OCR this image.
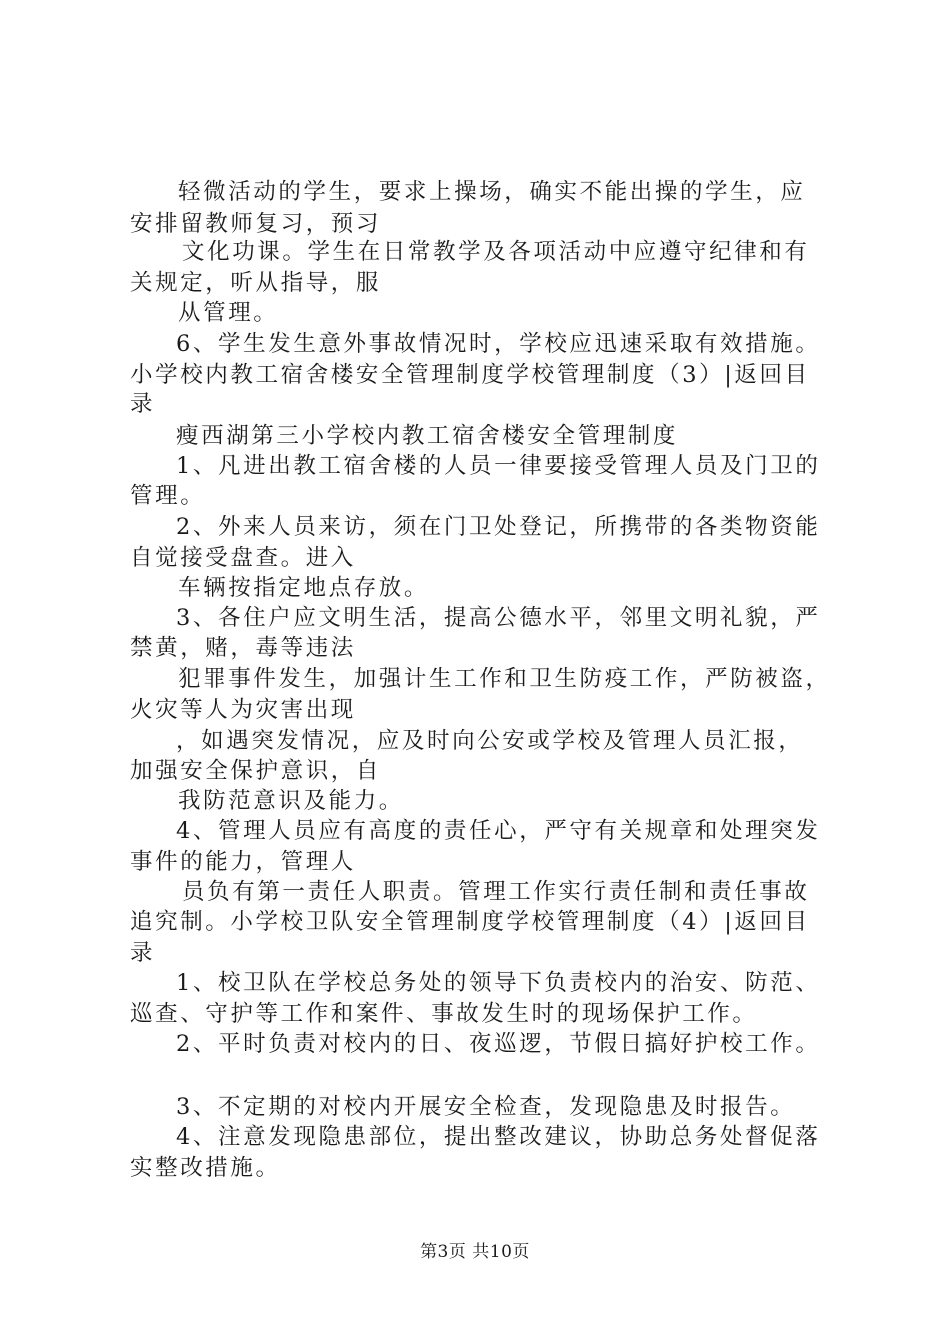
轻微活动的学生，要求上操场，确实不能出操的学生，应
安排留教师复习，预习
文化功课。学生在日常教学及各项活动中应遵守纪律和有
关规定，听从指导，服
从管理。
6、学生发生意外事故情况时，学校应迅速采取有效措施。
小学校内教工宿舍楼安全管理制度学校管理制度（3）|返回目
录
瘦西湖第三小学校内教工宿舍楼安全管理制度
1、凡进出教工宿舍楼的人员一律要接受管理人员及门卫的
管理。
2、外来人员来访，须在门卫处登记，所携带的各类物资能
自觉接受盘查。进入
车辆按指定地点存放。
3、各住户应文明生活，提高公德水平，邻里文明礼貌，严
禁黄，赌，毒等违法
犯罪事件发生，加强计生工作和卫生防疫工作，严防被盗，
火灾等人为灾害出现
，如遇突发情况，应及时向公安或学校及管理人员汇报，
加强安全保护意识，自
我防范意识及能力。
4、管理人员应有高度的责任心，严守有关规章和处理突发
事件的能力，管理人
员负有第一责任人职责。管理工作实行责任制和责任事故
追究制。小学校卫队安全管理制度学校管理制度（4）|返回目
录
1、校卫队在学校总务处的领导下负责校内的治安、防范、
巡查、守护等工作和案件、事故发生时的现场保护工作。
2、平时负责对校内的日、夜巡逻，节假日搞好护校工作。
3、不定期的对校内开展安全检查，发现隐患及时报告。
4、注意发现隐患部位，提出整改建议，协助总务处督促落
实整改措施。
第3页 共10页
